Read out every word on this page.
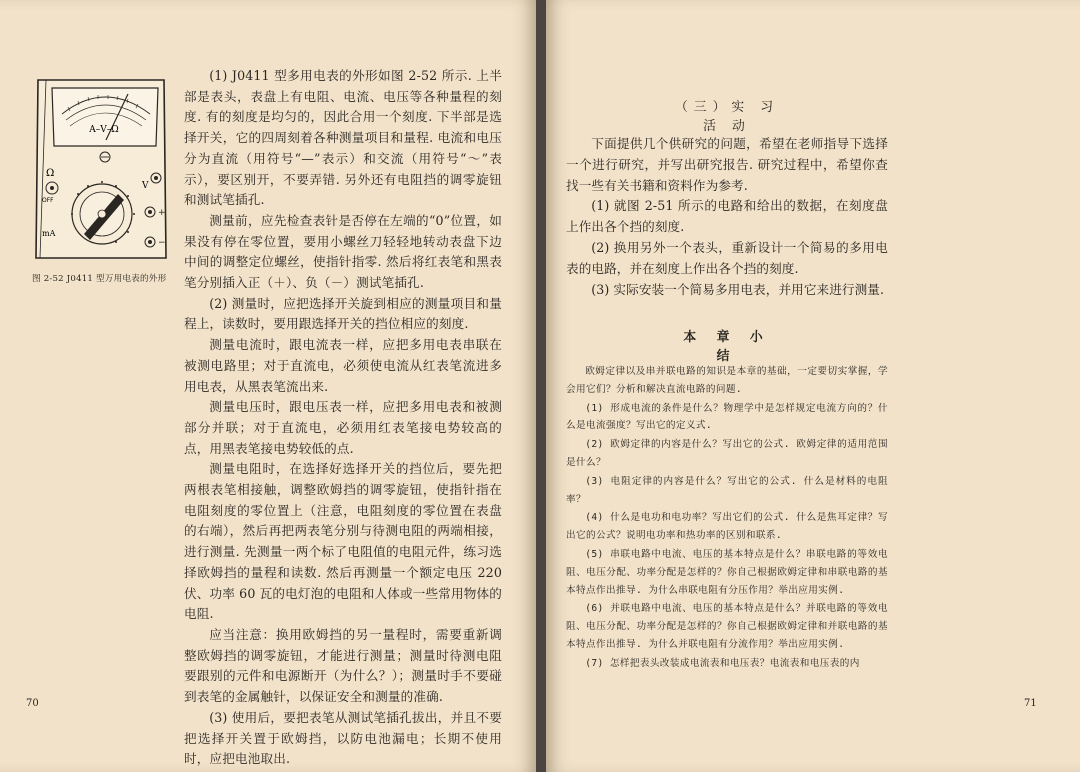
A–V–Ω
Ω
OFF
mA
V
+
−
图 2-52 J0411 型万用电表的外形

(1) J0411 型多用电表的外形如图 2-52 所示. 上半部是表头，表盘上有电阻、电流、电压等各种量程的刻度. 有的刻度是均匀的，因此合用一个刻度. 下半部是选择开关，它的四周刻着各种测量项目和量程. 电流和电压分为直流（用符号“—”表示）和交流（用符号“～”表示），要区别开，不要弄错. 另外还有电阻挡的调零旋钮和测试笔插孔.

测量前，应先检查表针是否停在左端的“0”位置，如果没有停在零位置，要用小螺丝刀轻轻地转动表盘下边中间的调整定位螺丝，使指针指零. 然后将红表笔和黑表笔分别插入正（＋）、负（－）测试笔插孔.

(2) 测量时，应把选择开关旋到相应的测量项目和量程上，读数时，要用跟选择开关的挡位相应的刻度.

测量电流时，跟电流表一样，应把多用电表串联在被测电路里；对于直流电，必须使电流从红表笔流进多用电表，从黑表笔流出来.

测量电压时，跟电压表一样，应把多用电表和被测部分并联；对于直流电，必须用红表笔接电势较高的点，用黑表笔接电势较低的点.

测量电阻时，在选择好选择开关的挡位后，要先把两根表笔相接触，调整欧姆挡的调零旋钮，使指针指在电阻刻度的零位置上（注意，电阻刻度的零位置在表盘的右端），然后再把两表笔分别与待测电阻的两端相接，进行测量. 先测量一两个标了电阻值的电阻元件，练习选择欧姆挡的量程和读数. 然后再测量一个额定电压 220 伏、功率 60 瓦的电灯泡的电阻和人体或一些常用物体的电阻.

应当注意：换用欧姆挡的另一量程时，需要重新调整欧姆挡的调零旋钮，才能进行测量；测量时待测电阻要跟别的元件和电源断开（为什么？）；测量时手不要碰到表笔的金属触针，以保证安全和测量的准确.

(3) 使用后，要把表笔从测试笔插孔拔出，并且不要把选择开关置于欧姆挡，以防电池漏电；长期不使用时，应把电池取出.

70
（三）实 习 活 动

下面提供几个供研究的问题，希望在老师指导下选择一个进行研究，并写出研究报告. 研究过程中，希望你查找一些有关书籍和资料作为参考.

(1) 就图 2-51 所示的电路和给出的数据，在刻度盘上作出各个挡的刻度.

(2) 换用另外一个表头，重新设计一个简易的多用电表的电路，并在刻度上作出各个挡的刻度.

(3) 实际安装一个简易多用电表，并用它来进行测量.

本 章 小 结

欧姆定律以及串并联电路的知识是本章的基础，一定要切实掌握，学会用它们？分析和解决直流电路的问题.

(1) 形成电流的条件是什么？物理学中是怎样规定电流方向的？什么是电流强度？写出它的定义式.

(2) 欧姆定律的内容是什么？写出它的公式. 欧姆定律的适用范围是什么？

(3) 电阻定律的内容是什么？写出它的公式. 什么是材料的电阻率？

(4) 什么是电功和电功率？写出它们的公式. 什么是焦耳定律？写出它的公式？说明电功率和热功率的区别和联系.

(5) 串联电路中电流、电压的基本特点是什么？串联电路的等效电阻、电压分配、功率分配是怎样的？你自己根据欧姆定律和串联电路的基本特点作出推导. 为什么串联电阻有分压作用？举出应用实例.

(6) 并联电路中电流、电压的基本特点是什么？并联电路的等效电阻、电压分配、功率分配是怎样的？你自己根据欧姆定律和并联电路的基本特点作出推导. 为什么并联电阻有分流作用？举出应用实例.

(7) 怎样把表头改装成电流表和电压表？电流表和电压表的内

71
